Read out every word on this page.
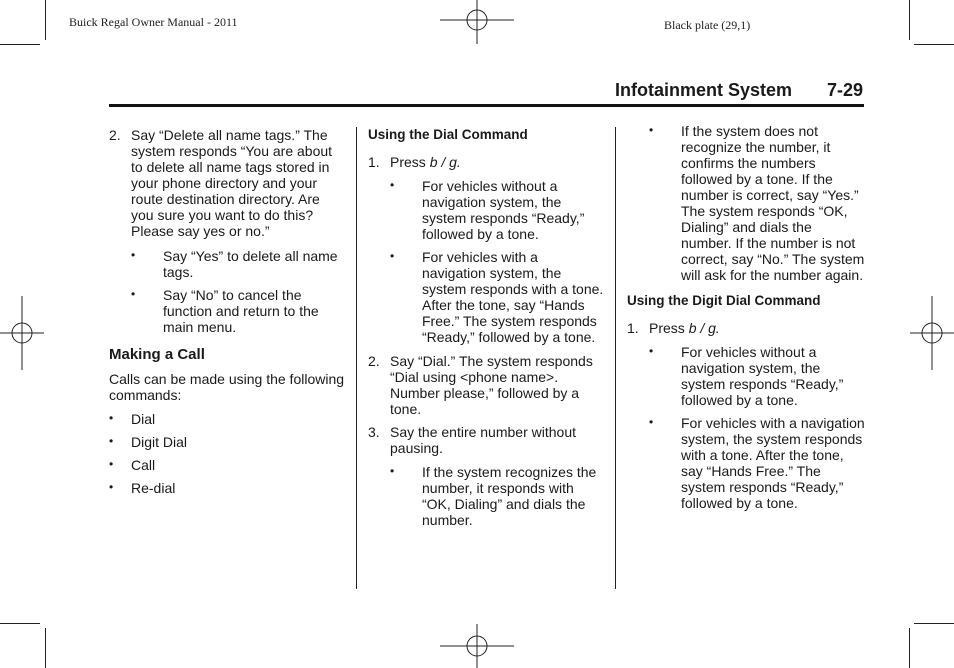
Buick Regal Owner Manual - 2011	Black plate (29,1)
Infotainment System 7-29
2. Say “Delete all name tags.” The system responds “You are about to delete all name tags stored in your phone directory and your route destination directory. Are you sure you want to do this? Please say yes or no.”
• Say “Yes” to delete all name tags.
• Say “No” to cancel the function and return to the main menu.
Making a Call
Calls can be made using the following commands:
• Dial
• Digit Dial
• Call
• Re-dial
Using the Dial Command
1. Press b / g.
• For vehicles without a navigation system, the system responds “Ready,” followed by a tone.
• For vehicles with a navigation system, the system responds with a tone. After the tone, say “Hands Free.” The system responds “Ready,” followed by a tone.
2. Say “Dial.” The system responds “Dial using <phone name>. Number please,” followed by a tone.
3. Say the entire number without pausing.
• If the system recognizes the number, it responds with “OK, Dialing” and dials the number.
• If the system does not recognize the number, it confirms the numbers followed by a tone. If the number is correct, say “Yes.” The system responds “OK, Dialing” and dials the number. If the number is not correct, say “No.” The system will ask for the number again.
Using the Digit Dial Command
1. Press b / g.
• For vehicles without a navigation system, the system responds “Ready,” followed by a tone.
• For vehicles with a navigation system, the system responds with a tone. After the tone, say “Hands Free.” The system responds “Ready,” followed by a tone.
